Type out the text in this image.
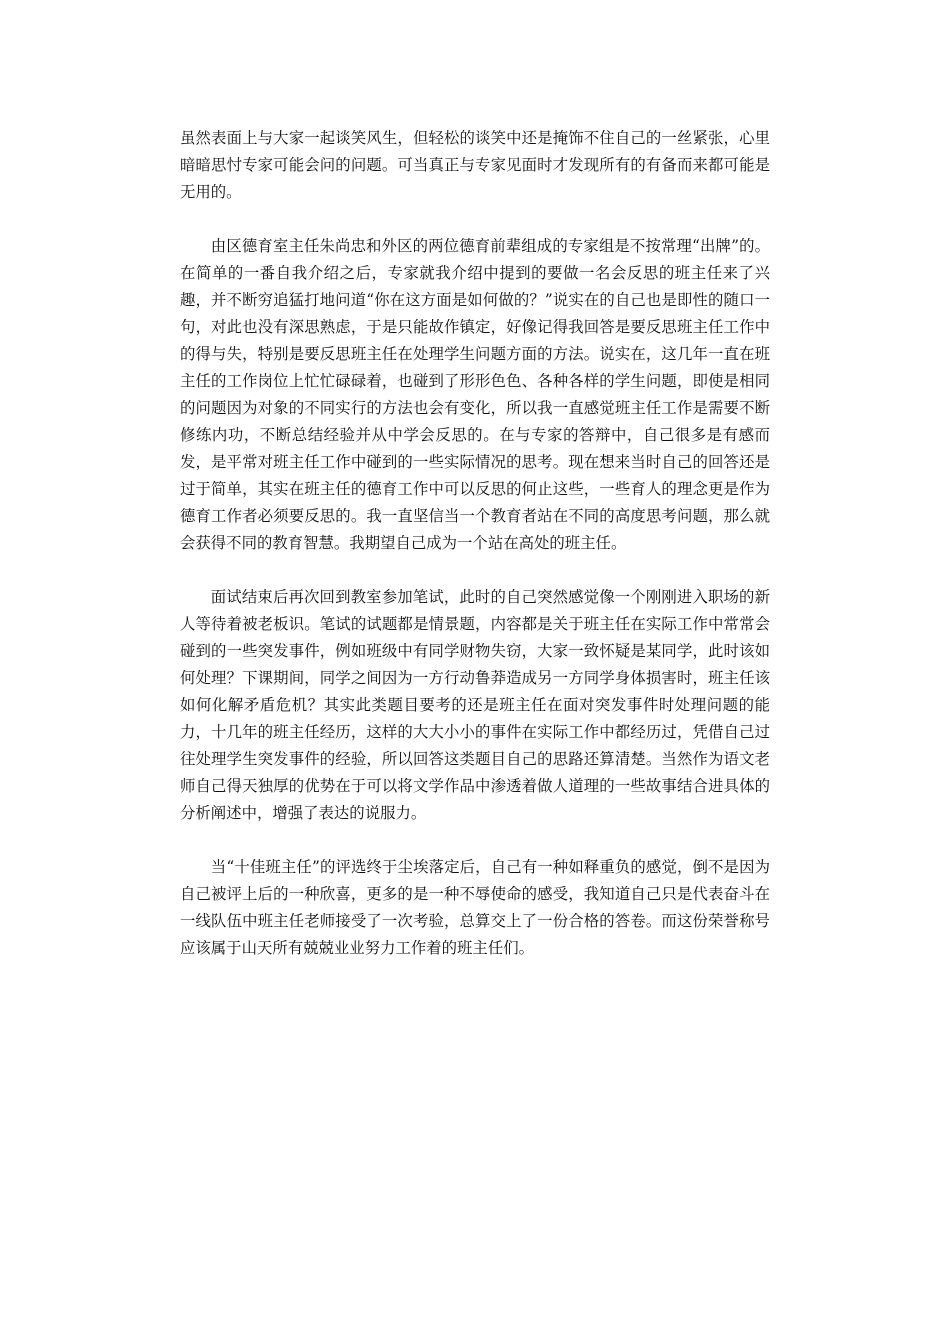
虽然表面上与大家一起谈笑风生，但轻松的谈笑中还是掩饰不住自己的一丝紧张，心里暗暗思忖专家可能会问的问题。可当真正与专家见面时才发现所有的有备而来都可能是无用的。

由区德育室主任朱尚忠和外区的两位德育前辈组成的专家组是不按常理“出牌”的。在简单的一番自我介绍之后，专家就我介绍中提到的要做一名会反思的班主任来了兴趣，并不断穷追猛打地问道“你在这方面是如何做的？”说实在的自己也是即性的随口一句，对此也没有深思熟虑，于是只能故作镇定，好像记得我回答是要反思班主任工作中的得与失，特别是要反思班主任在处理学生问题方面的方法。说实在，这几年一直在班主任的工作岗位上忙忙碌碌着，也碰到了形形色色、各种各样的学生问题，即使是相同的问题因为对象的不同实行的方法也会有变化，所以我一直感觉班主任工作是需要不断修练内功，不断总结经验并从中学会反思的。在与专家的答辩中，自己很多是有感而发，是平常对班主任工作中碰到的一些实际情况的思考。现在想来当时自己的回答还是过于简单，其实在班主任的德育工作中可以反思的何止这些，一些育人的理念更是作为德育工作者必须要反思的。我一直坚信当一个教育者站在不同的高度思考问题，那么就会获得不同的教育智慧。我期望自己成为一个站在高处的班主任。

面试结束后再次回到教室参加笔试，此时的自己突然感觉像一个刚刚进入职场的新人等待着被老板识。笔试的试题都是情景题，内容都是关于班主任在实际工作中常常会碰到的一些突发事件，例如班级中有同学财物失窃，大家一致怀疑是某同学，此时该如何处理？下课期间，同学之间因为一方行动鲁莽造成另一方同学身体损害时，班主任该如何化解矛盾危机？其实此类题目要考的还是班主任在面对突发事件时处理问题的能力，十几年的班主任经历，这样的大大小小的事件在实际工作中都经历过，凭借自己过往处理学生突发事件的经验，所以回答这类题目自己的思路还算清楚。当然作为语文老师自己得天独厚的优势在于可以将文学作品中渗透着做人道理的一些故事结合进具体的分析阐述中，增强了表达的说服力。

当“十佳班主任”的评选终于尘埃落定后，自己有一种如释重负的感觉，倒不是因为自己被评上后的一种欣喜，更多的是一种不辱使命的感受，我知道自己只是代表奋斗在一线队伍中班主任老师接受了一次考验，总算交上了一份合格的答卷。而这份荣誉称号应该属于山天所有兢兢业业努力工作着的班主任们。
